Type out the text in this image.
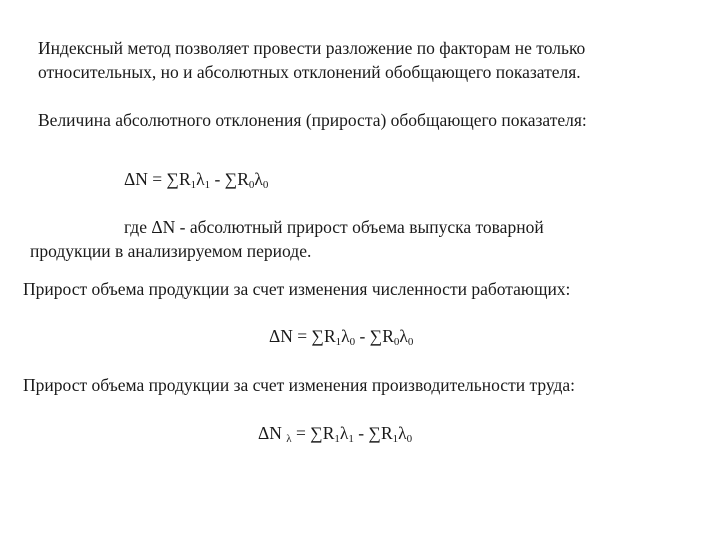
Индексный метод позволяет провести разложение по факторам не только
относительных, но и абсолютных отклонений обобщающего показателя.
Величина абсолютного отклонения (прироста) обобщающего показателя:
$\Delta N = \sum R_1\lambda_1 - \sum R_0\lambda_0$
где ΔN - абсолютный прирост объема выпуска товарной
продукции в анализируемом периоде.
Прирост объема продукции за счет изменения численности работающих:
$\Delta N = \sum R_1\lambda_0 - \sum R_0\lambda_0$
Прирост объема продукции за счет изменения производительности труда:
ΔN $_\lambda = \sum R_1\lambda_1 - \sum R_1\lambda_0$
